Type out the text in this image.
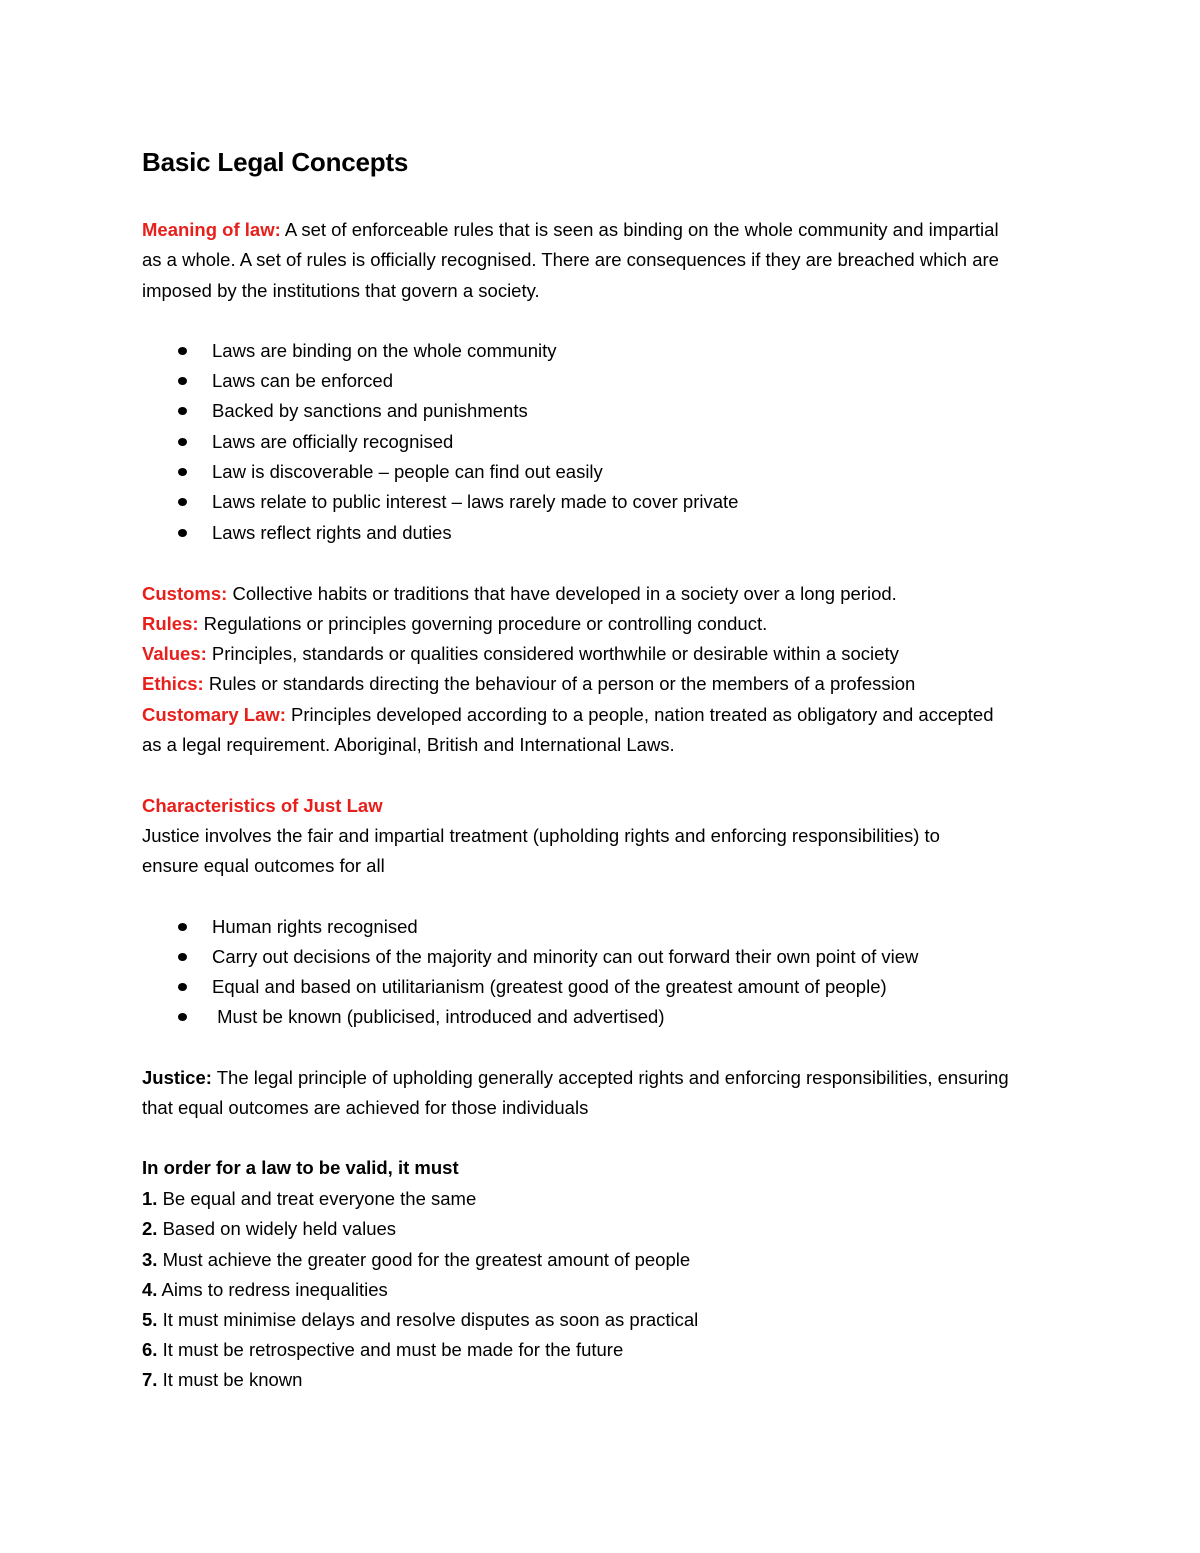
Basic Legal Concepts
Meaning of law: A set of enforceable rules that is seen as binding on the whole community and impartial
as a whole. A set of rules is officially recognised. There are consequences if they are breached which are
imposed by the institutions that govern a society.
Laws are binding on the whole community
Laws can be enforced
Backed by sanctions and punishments
Laws are officially recognised
Law is discoverable – people can find out easily
Laws relate to public interest – laws rarely made to cover private
Laws reflect rights and duties
Customs: Collective habits or traditions that have developed in a society over a long period.
Rules: Regulations or principles governing procedure or controlling conduct.
Values: Principles, standards or qualities considered worthwhile or desirable within a society
Ethics: Rules or standards directing the behaviour of a person or the members of a profession
Customary Law: Principles developed according to a people, nation treated as obligatory and accepted
as a legal requirement. Aboriginal, British and International Laws.
Characteristics of Just Law
Justice involves the fair and impartial treatment (upholding rights and enforcing responsibilities) to
ensure equal outcomes for all
Human rights recognised
Carry out decisions of the majority and minority can out forward their own point of view
Equal and based on utilitarianism (greatest good of the greatest amount of people)
Must be known (publicised, introduced and advertised)
Justice: The legal principle of upholding generally accepted rights and enforcing responsibilities, ensuring
that equal outcomes are achieved for those individuals
In order for a law to be valid, it must
1. Be equal and treat everyone the same
2. Based on widely held values
3. Must achieve the greater good for the greatest amount of people
4. Aims to redress inequalities
5. It must minimise delays and resolve disputes as soon as practical
6. It must be retrospective and must be made for the future
7. It must be known
